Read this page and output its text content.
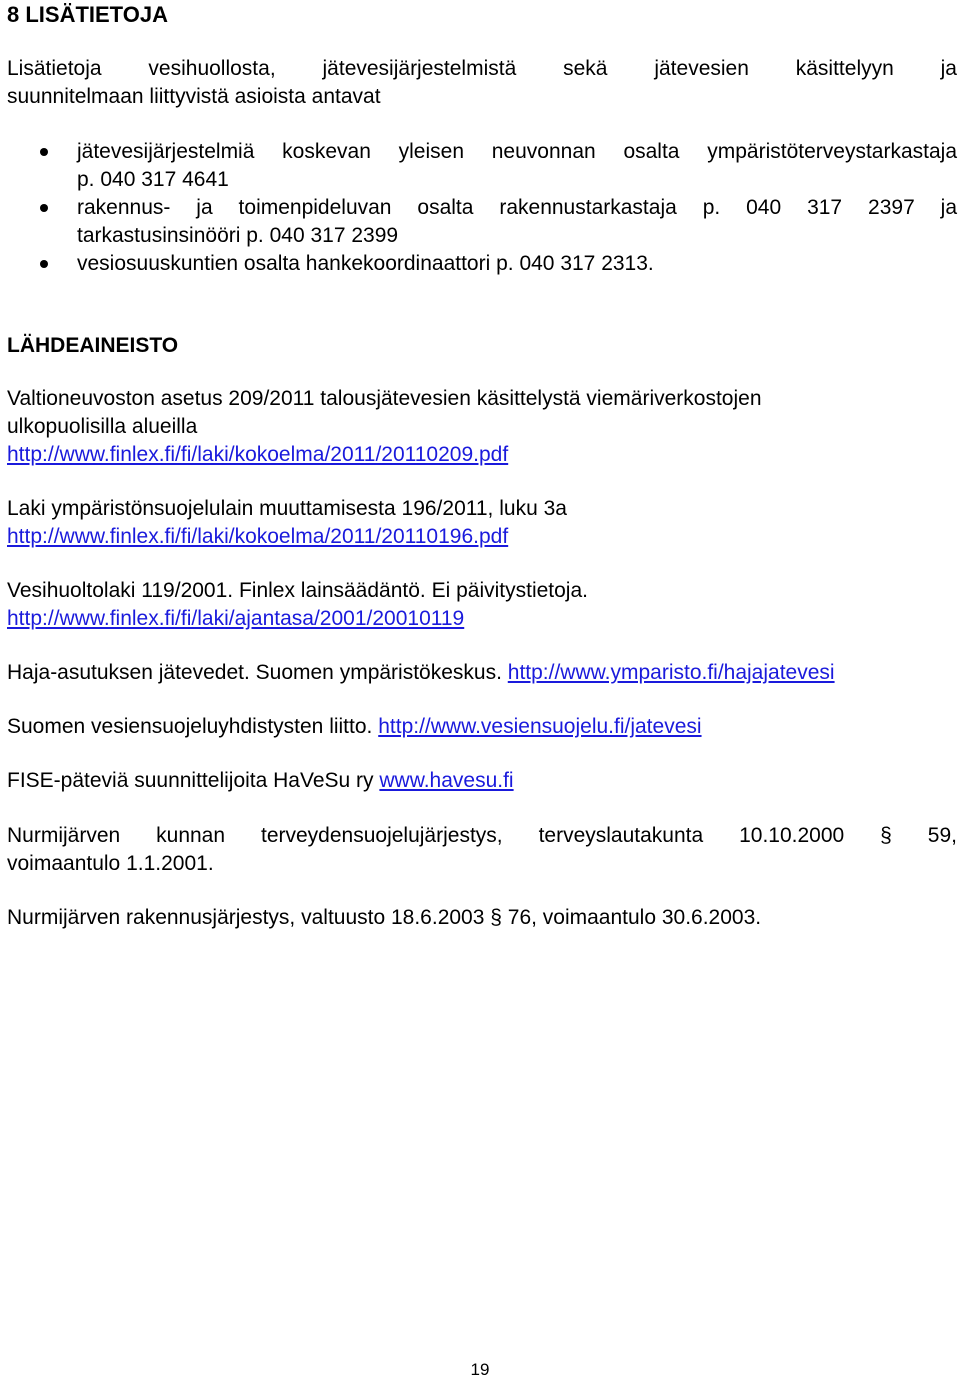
8 LISÄTIETOJA
Lisätietoja vesihuollosta, jätevesijärjestelmistä sekä jätevesien käsittelyyn ja
suunnitelmaan liittyvistä asioista antavat
jätevesijärjestelmiä koskevan yleisen neuvonnan osalta ympäristöterveystarkastaja
p. 040 317 4641
rakennus- ja toimenpideluvan osalta rakennustarkastaja p. 040 317 2397 ja
tarkastusinsinööri p. 040 317 2399
vesiosuuskuntien osalta hankekoordinaattori p. 040 317 2313.
LÄHDEAINEISTO
Valtioneuvoston asetus 209/2011 talousjätevesien käsittelystä viemäriverkostojen
ulkopuolisilla alueilla
http://www.finlex.fi/fi/laki/kokoelma/2011/20110209.pdf
Laki ympäristönsuojelulain muuttamisesta 196/2011, luku 3a
http://www.finlex.fi/fi/laki/kokoelma/2011/20110196.pdf
Vesihuoltolaki 119/2001. Finlex lainsäädäntö. Ei päivitystietoja.
http://www.finlex.fi/fi/laki/ajantasa/2001/20010119
Haja-asutuksen jätevedet. Suomen ympäristökeskus. http://www.ymparisto.fi/hajajatevesi
Suomen vesiensuojeluyhdistysten liitto. http://www.vesiensuojelu.fi/jatevesi
FISE-päteviä suunnittelijoita HaVeSu ry www.havesu.fi
Nurmijärven kunnan terveydensuojelujärjestys, terveyslautakunta 10.10.2000 § 59,
voimaantulo 1.1.2001.
Nurmijärven rakennusjärjestys, valtuusto 18.6.2003 § 76, voimaantulo 30.6.2003.
19
